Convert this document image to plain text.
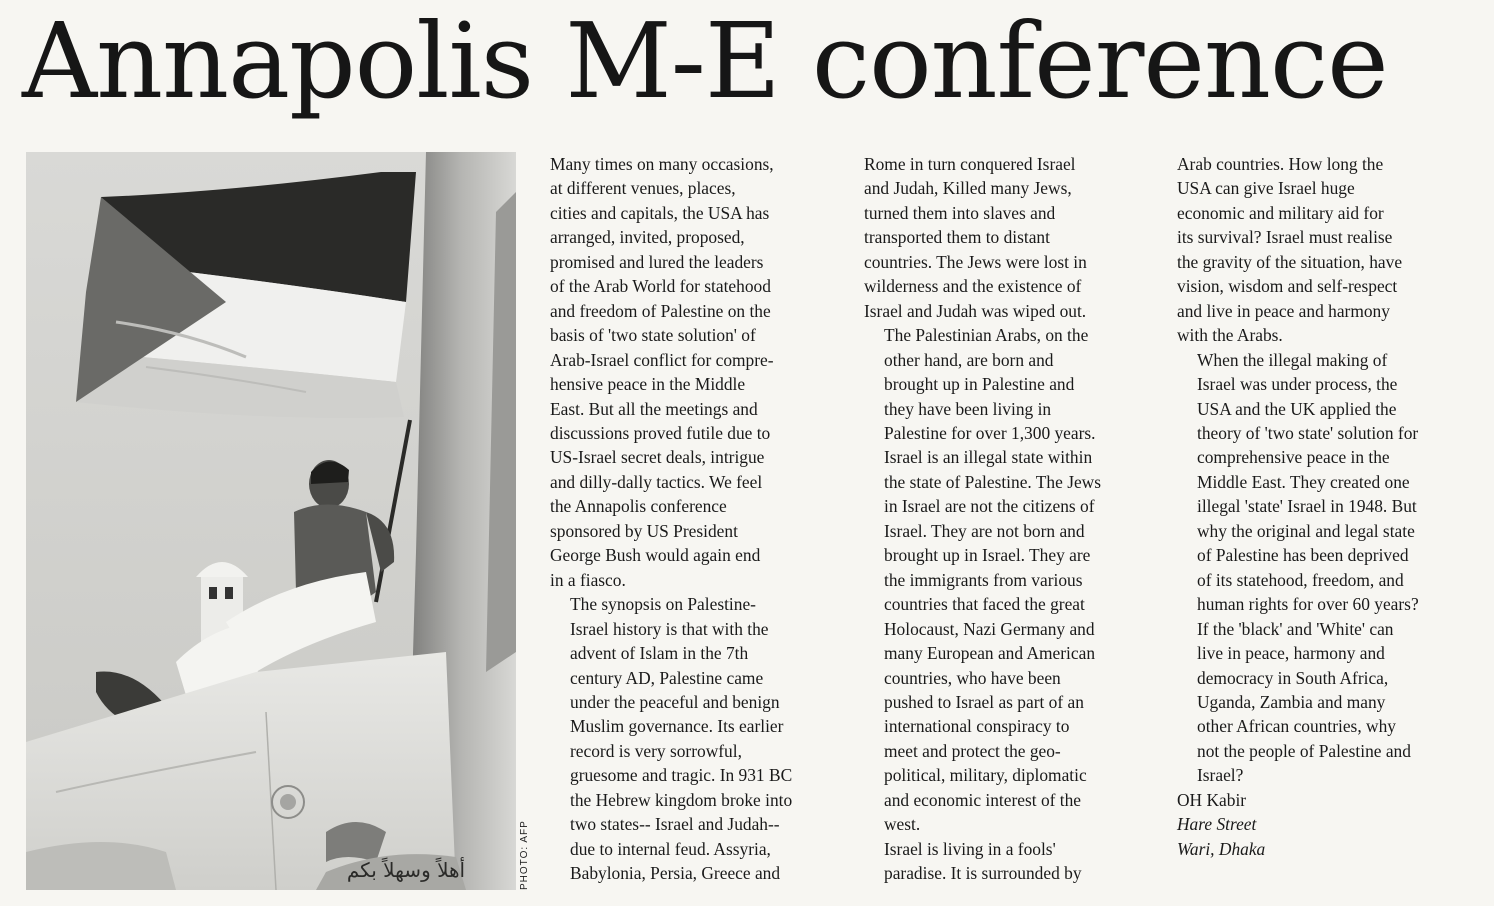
Annapolis M-E conference
أهلاً وسهلاً بكم	PHOTO: AFP

Many times on many occasions,
at different venues, places,
cities and capitals, the USA has
arranged, invited, proposed,
promised and lured the leaders
of the Arab World for statehood
and freedom of Palestine on the
basis of 'two state solution' of
Arab-Israel conflict for compre-
hensive peace in the Middle
East. But all the meetings and
discussions proved futile due to
US-Israel secret deals, intrigue
and dilly-dally tactics. We feel
the Annapolis conference
sponsored by US President
George Bush would again end
in a fiasco.

The synopsis on Palestine-
Israel history is that with the
advent of Islam in the 7th
century AD, Palestine came
under the peaceful and benign
Muslim governance. Its earlier
record is very sorrowful,
gruesome and tragic. In 931 BC
the Hebrew kingdom broke into
two states-- Israel and Judah--
due to internal feud. Assyria,
Babylonia, Persia, Greece and

Rome in turn conquered Israel
and Judah, Killed many Jews,
turned them into slaves and
transported them to distant
countries. The Jews were lost in
wilderness and the existence of
Israel and Judah was wiped out.

The Palestinian Arabs, on the
other hand, are born and
brought up in Palestine and
they have been living in
Palestine for over 1,300 years.

Israel is an illegal state within
the state of Palestine. The Jews
in Israel are not the citizens of
Israel. They are not born and
brought up in Israel. They are
the immigrants from various
countries that faced the great
Holocaust, Nazi Germany and
many European and American
countries, who have been
pushed to Israel as part of an
international conspiracy to
meet and protect the geo-
political, military, diplomatic
and economic interest of the
west.

Israel is living in a fools'
paradise. It is surrounded by

Arab countries. How long the
USA can give Israel huge
economic and military aid for
its survival? Israel must realise
the gravity of the situation, have
vision, wisdom and self-respect
and live in peace and harmony
with the Arabs.

When the illegal making of
Israel was under process, the
USA and the UK applied the
theory of 'two state' solution for
comprehensive peace in the
Middle East. They created one
illegal 'state' Israel in 1948. But
why the original and legal state
of Palestine has been deprived
of its statehood, freedom, and
human rights for over 60 years?

If the 'black' and 'White' can
live in peace, harmony and
democracy in South Africa,
Uganda, Zambia and many
other African countries, why
not the people of Palestine and
Israel?

OH Kabir
Hare Street
Wari, Dhaka
